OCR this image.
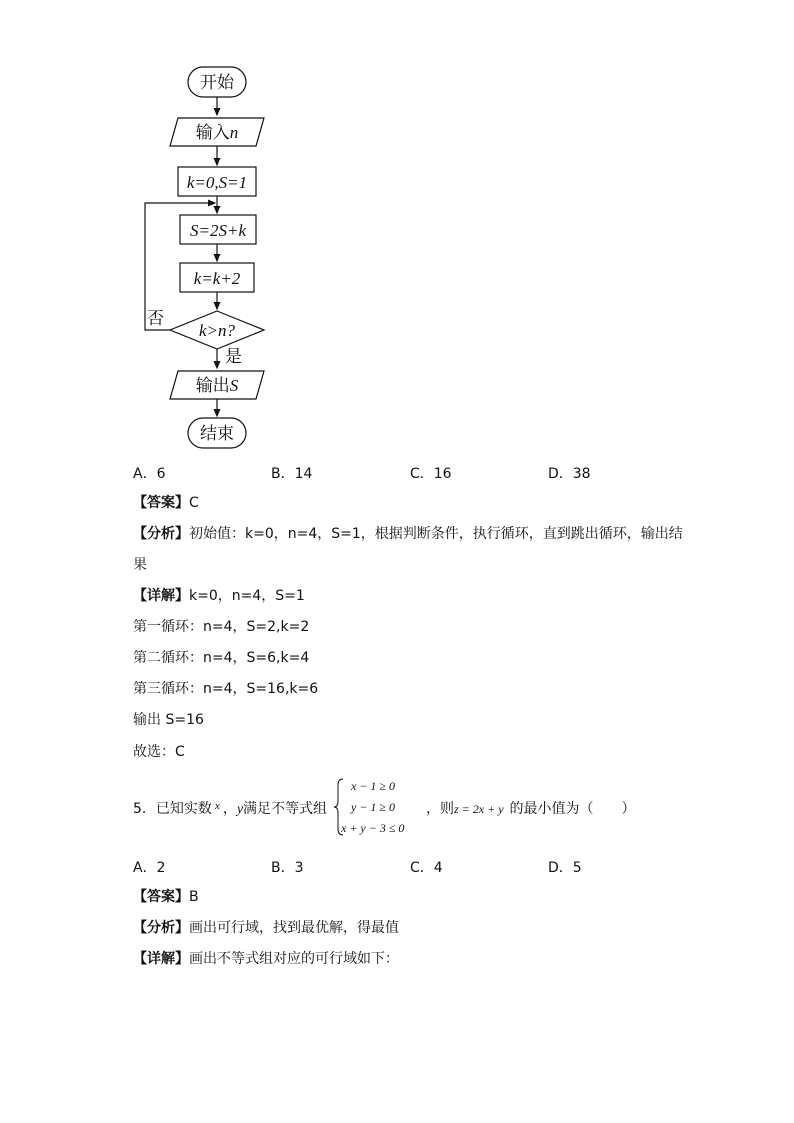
开始
输入n
k=0,S=1
S=2S+k
k=k+2
k>n?
否
是
输出S
结束
A．6	B．14	C．16	D．38
【答案】C
【分析】初始值：k=0，n=4，S=1，根据判断条件，执行循环，直到跳出循环，输出结
果
【详解】k=0，n=4，S=1
第一循环：n=4，S=2,k=2
第二循环：n=4，S=6,k=4
第三循环：n=4，S=16,k=6
输出 S=16
故选：C
5．已知实数 $^x$ ，y满足不等式组
x − 1 ≥ 0
y − 1 ≥ 0
x + y − 3 ≤ 0
，则z = 2x + y 的最小值为（　　）
A．2	B．3	C．4	D．5
【答案】B
【分析】画出可行域，找到最优解，得最值
【详解】画出不等式组对应的可行域如下：
